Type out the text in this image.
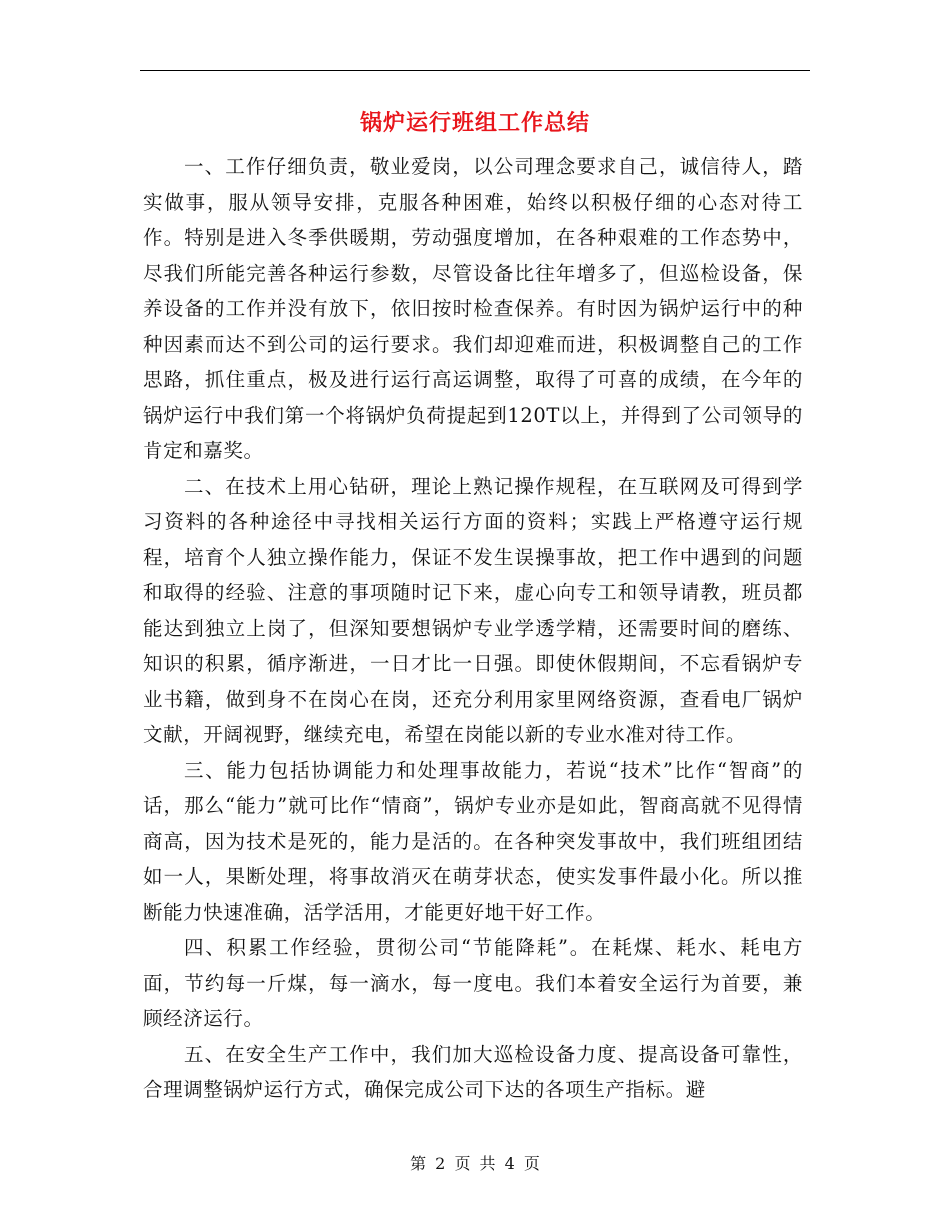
锅炉运行班组工作总结

一、工作仔细负责，敬业爱岗，以公司理念要求自己，诚信待人，踏实做事，服从领导安排，克服各种困难，始终以积极仔细的心态对待工作。特别是进入冬季供暖期，劳动强度增加，在各种艰难的工作态势中，尽我们所能完善各种运行参数，尽管设备比往年增多了，但巡检设备，保养设备的工作并没有放下，依旧按时检查保养。有时因为锅炉运行中的种种因素而达不到公司的运行要求。我们却迎难而进，积极调整自己的工作思路，抓住重点，极及进行运行高运调整，取得了可喜的成绩，在今年的锅炉运行中我们第一个将锅炉负荷提起到120T以上，并得到了公司领导的肯定和嘉奖。

二、在技术上用心钻研，理论上熟记操作规程，在互联网及可得到学习资料的各种途径中寻找相关运行方面的资料；实践上严格遵守运行规程，培育个人独立操作能力，保证不发生误操事故，把工作中遇到的问题和取得的经验、注意的事项随时记下来，虚心向专工和领导请教，班员都能达到独立上岗了，但深知要想锅炉专业学透学精，还需要时间的磨练、知识的积累，循序渐进，一日才比一日强。即使休假期间，不忘看锅炉专业书籍，做到身不在岗心在岗，还充分利用家里网络资源，查看电厂锅炉文献，开阔视野，继续充电，希望在岗能以新的专业水准对待工作。

三、能力包括协调能力和处理事故能力，若说“技术”比作“智商”的话，那么“能力”就可比作“情商”，锅炉专业亦是如此，智商高就不见得情商高，因为技术是死的，能力是活的。在各种突发事故中，我们班组团结如一人，果断处理，将事故消灭在萌芽状态，使实发事件最小化。所以推断能力快速准确，活学活用，才能更好地干好工作。

四、积累工作经验，贯彻公司“节能降耗”。在耗煤、耗水、耗电方面，节约每一斤煤，每一滴水，每一度电。我们本着安全运行为首要，兼顾经济运行。

五、在安全生产工作中，我们加大巡检设备力度、提高设备可靠性，合理调整锅炉运行方式，确保完成公司下达的各项生产指标。避

第 2 页 共 4 页
